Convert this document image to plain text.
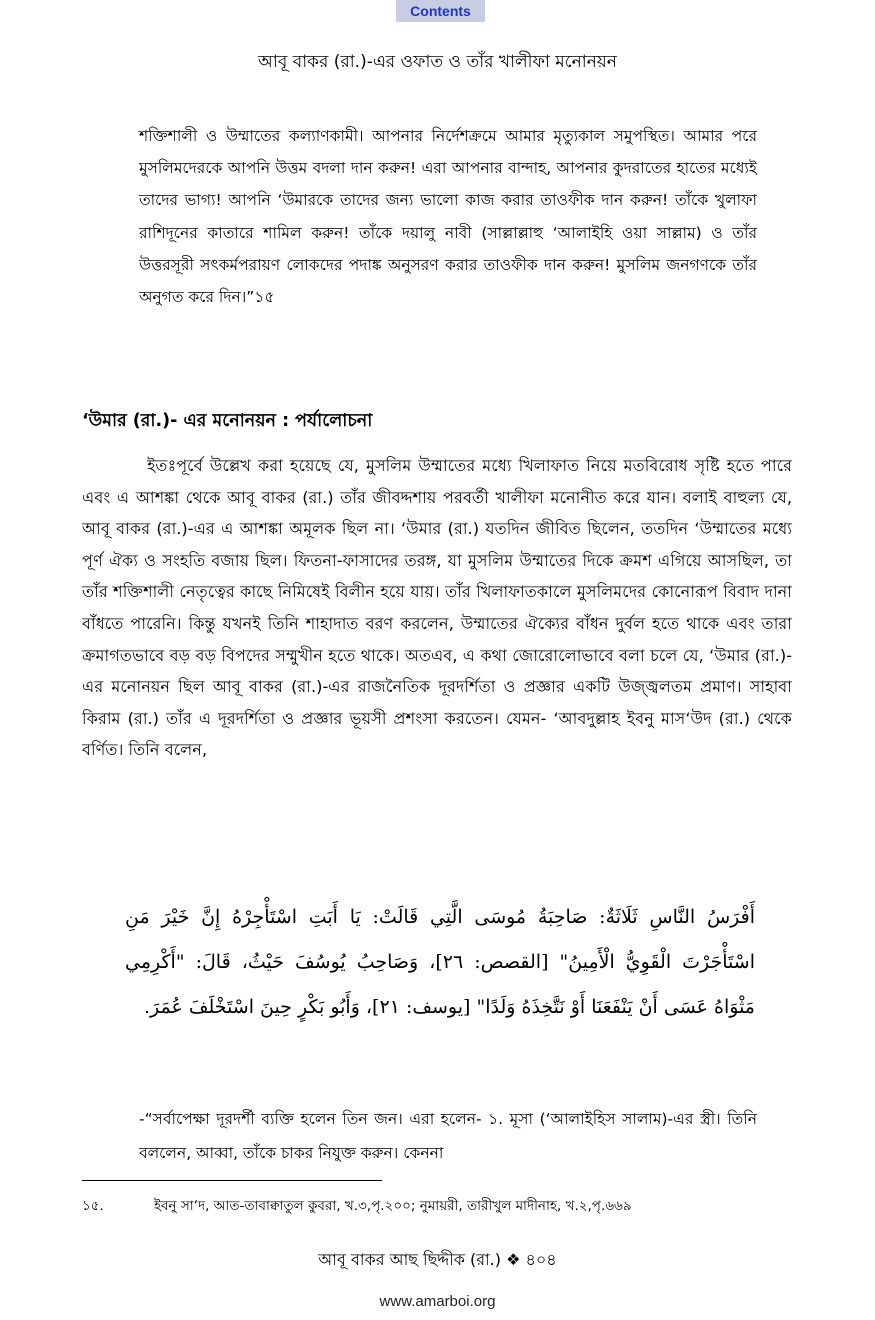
Contents
আবূ বাকর (রা.)-এর ওফাত ও তাঁর খালীফা মনোনয়ন
শক্তিশালী ও উম্মাতের কল্যাণকামী। আপনার নির্দেশক্রমে আমার মৃত্যুকাল সমুপস্থিত। আমার পরে মুসলিমদেরকে আপনি উত্তম বদলা দান করুন! এরা আপনার বান্দাহ, আপনার কুদরাতের হাতের মধ্যেই তাদের ভাগ্য! আপনি ‘উমারকে তাদের জন্য ভালো কাজ করার তাওফীক দান করুন! তাঁকে খুলাফা রাশিদূনের কাতারে শামিল করুন! তাঁকে দয়ালু নাবী (সাল্লাল্লাহু ‘আলাইহি ওয়া সাল্লাম) ও তাঁর উত্তরসূরী সৎকর্মপরায়ণ লোকদের পদাঙ্ক অনুসরণ করার তাওফীক দান করুন! মুসলিম জনগণকে তাঁর অনুগত করে দিন।”১৫
‘উমার (রা.)- এর মনোনয়ন : পর্যালোচনা

ইতঃপূর্বে উল্লেখ করা হয়েছে যে, মুসলিম উম্মাতের মধ্যে খিলাফাত নিয়ে মতবিরোধ সৃষ্টি হতে পারে এবং এ আশঙ্কা থেকে আবূ বাকর (রা.) তাঁর জীবদ্দশায় পরবর্তী খালীফা মনোনীত করে যান। বলাই বাহুল্য যে, আবূ বাকর (রা.)-এর এ আশঙ্কা অমূলক ছিল না। ‘উমার (রা.) যতদিন জীবিত ছিলেন, ততদিন ‘উম্মাতের মধ্যে পূর্ণ ঐক্য ও সংহতি বজায় ছিল। ফিতনা-ফাসাদের তরঙ্গ, যা মুসলিম উম্মাতের দিকে ক্রমশ এগিয়ে আসছিল, তা তাঁর শক্তিশালী নেতৃত্বের কাছে নিমিষেই বিলীন হয়ে যায়। তাঁর খিলাফাতকালে মুসলিমদের কোনোরূপ বিবাদ দানা বাঁধতে পারেনি। কিন্তু যখনই তিনি শাহাদাত বরণ করলেন, উম্মাতের ঐক্যের বাঁধন দুর্বল হতে থাকে এবং তারা ক্রমাগতভাবে বড় বড় বিপদের সম্মুখীন হতে থাকে। অতএব, এ কথা জোরোলোভাবে বলা চলে যে, ‘উমার (রা.)-এর মনোনয়ন ছিল আবূ বাকর (রা.)-এর রাজনৈতিক দূরদর্শিতা ও প্রজ্ঞার একটি উজ্জ্বলতম প্রমাণ। সাহাবা কিরাম (রা.) তাঁর এ দূরদর্শিতা ও প্রজ্ঞার ভূয়সী প্রশংসা করতেন। যেমন- ‘আবদুল্লাহ ইবনু মাস‘উদ (রা.) থেকে বর্ণিত। তিনি বলেন,

أَفْرَسُ النَّاسِ ثَلَاثَةٌ: صَاحِبَةُ مُوسَى الَّتِي قَالَتْ: يَا أَبَتِ اسْتَأْجِرْهُ إِنَّ خَيْرَ مَنِ اسْتَأْجَرْتَ الْقَوِيُّ الْأَمِينُ" [القصص: ٢٦]، وَصَاحِبُ يُوسُفَ حَيْثُ، قَالَ: "أَكْرِمِي مَثْوَاهُ عَسَى أَنْ يَنْفَعَنَا أَوْ نَتَّخِذَهُ وَلَدًا" [يوسف: ٢١]، وَأَبُو بَكْرٍ حِينَ اسْتَخْلَفَ عُمَرَ.
-“সর্বাপেক্ষা দূরদর্শী ব্যক্তি হলেন তিন জন। এরা হলেন- ১. মূসা (‘আলাইহিস সালাম)-এর স্ত্রী। তিনি বললেন, আব্বা, তাঁকে চাকর নিযুক্ত করুন। কেননা
১৫.	ইবনু সা‘দ, আত-তাবাক্বাতুল কুবরা, খ.৩,পৃ.২০০; নুমায়রী, তারীখুল মাদীনাহ, খ.২,পৃ.৬৬৯
আবূ বাকর আছ ছিদ্দীক (রা.) ❖ ৪০৪
www.amarboi.org
